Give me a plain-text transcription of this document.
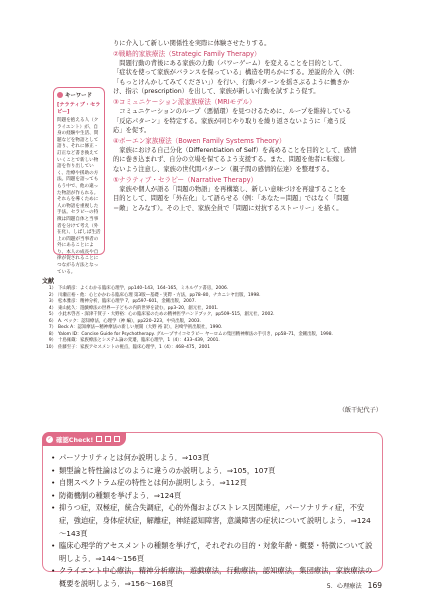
キーワード
[ナラティブ・セラピー]
問題を抱える人（クライエント）が、自身の経験や生活、問題などを物語として語り、それに修正・訂正など書き換えていくことで新しい物語を作り出していく、治療や援助の方法。問題を語ってもらう中で、他の違った物語が作られる。それらを導くために人の物語を重視した手法。セラピーの特徴は問題自体と当事者を分けて考え（外在化）、しばしば生活上の問題が当事者の外にあることにより、本人の成長や自律が促されることにつながる方法となっている。

りに介入して新しい関係性を実際に体験させたりする。

②戦略的家族療法（Strategic Family Therapy）

　問題行動の背後にある家族の力動（パワーゲーム）を変えることを目的として、

「症状を使って家族がバランスを保っている」構造を明らかにする。逆説的介入（例：

「もっとけんかしてみてください」）を行い、行動パターンを揺さぶるように働きか

け、指示（prescription）を出して、家族が新しい行動を試すよう促す。

③コミュニケーション派家族療法（MRIモデル）

　コミュニケーションのループ（悪循環）を見つけるために、ループを維持している

「反応パターン」を特定する。家族が同じやり取りを繰り返さないように「違う反

応」を促す。

④ボーエン家族療法（Bowen Family Systems Theory）

　家族における自己分化（Differentiation of Self）を高めることを目的として、感情

的に巻き込まれず、自分の立場を保てるよう支援する。また、問題を他者に転嫁し

ないよう注意し、家族の世代間パターン（親子間の感情的伝達）を整理する。

⑤ナラティブ・セラピー（Narrative Therapy）

　家族や個人が語る「問題の物語」を再構築し、新しい意味づけを再建することを

目的として、問題を「外在化」して語らせる（例：「あなた＝問題」ではなく「問題

＝敵」とみなす）。その上で、家族全員で「問題に対抗するストーリー」を描く。

文献

1） 下山晴彦：よくわかる臨床心理学，pp140–143，164–165，ミネルヴァ書房，2006.
2） 川瀬正裕・他：心とかかわる臨床心理 第3版—基礎・実際・方法，pp78–80，ナカニシヤ出版，1998.
3） 松本雅彦：精神分析，臨床心理学 7，pp597–601，金剛出版，2007.
4） 東山紘久：遊戯療法の世界—子どもの内的世界を読む，pp3–20，創元社，2001.
5） 小此木啓吾・深津千賀子・大野裕：心の臨床家のための精神医学ハンドブック，pp509–515，創元社，2002.
6） A. ベック：認知療法，心理学（神 編），pp220–223，中央出版，2003.
7） Beck A：認知療法—精神療法の新しい展開（大野 裕 訳），岩崎学術出版社，1990.
8） Yalom ID：Concise Guide for Psychotherapy. グループサイコセラピー ヤーロムの集団精神療法の手引き，pp58–71，金剛出版，1998.
9） 十島雍蔵：家族療法とシステム論の変遷，臨床心理学，1（4）：433–439，2001.
10） 佐藤至子：家族アセスメントの視点，臨床心理学，1（4）：468–475，2001
（飯干紀代子）
✓ 確認Check!
• パーソナリティとは何か説明しよう．⇒103頁
• 類型論と特性論はどのように違うのか説明しよう．⇒105，107頁
• 自閉スペクトラム症の特性とは何か説明しよう．⇒112頁
• 防衛機制の種類を挙げよう．⇒124頁
• 抑うつ症，双極症，統合失調症，心的外傷およびストレス因関連症，パーソナリティ症，不安症，強迫症，身体症状症，解離症，神経認知障害，意識障害の症状について説明しよう．⇒124～143頁
• 臨床心理学的アセスメントの種類を挙げて，それぞれの目的・対象年齢・概要・特徴について説明しよう．⇒144～156頁
• クライエント中心療法，精神分析療法，遊戯療法，行動療法，認知療法，集団療法，家族療法の概要を説明しよう．⇒156～168頁	5．心理療法 169
